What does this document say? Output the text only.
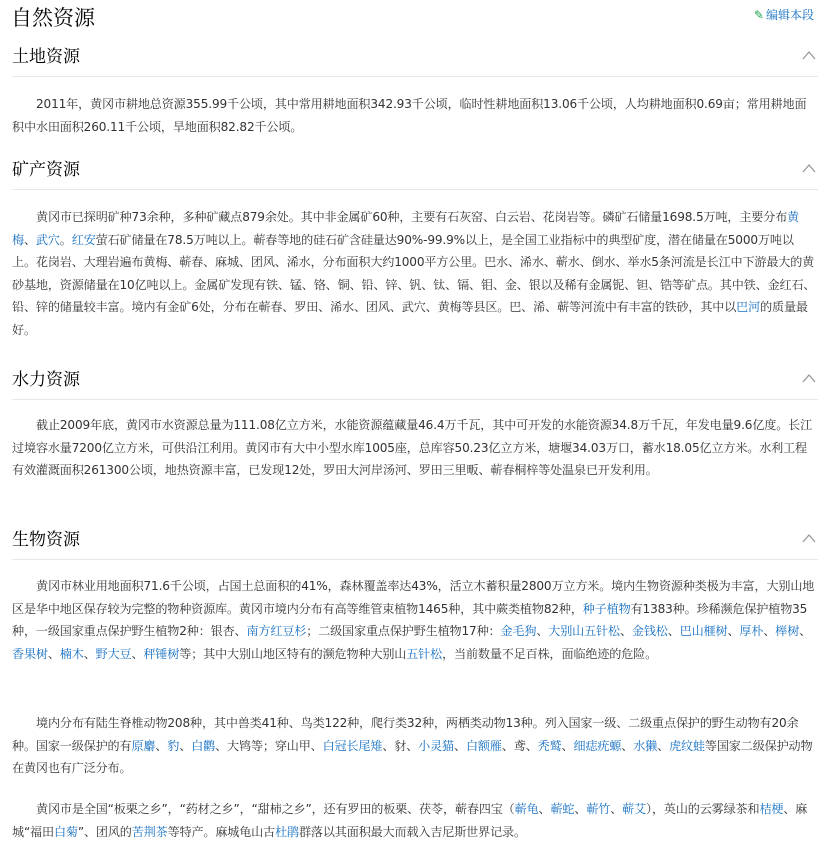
自然资源	✎ 编辑本段
土地资源
2011年，黄冈市耕地总资源355.99千公顷，其中常用耕地面积342.93千公顷，临时性耕地面积13.06千公顷，人均耕地面积0.69亩；常用耕地面积中水田面积260.11千公顷，旱地面积82.82千公顷。
矿产资源
黄冈市已探明矿种73余种，多种矿藏点879余处。其中非金属矿60种，主要有石灰窑、白云岩、花岗岩等。磷矿石储量1698.5万吨，主要分布黄梅、武穴。红安萤石矿储量在78.5万吨以上。蕲春等地的硅石矿含硅量达90%-99.9%以上，是全国工业指标中的典型矿度，潜在储量在5000万吨以上。花岗岩、大理岩遍布黄梅、蕲春、麻城、团风、浠水，分布面积大约1000平方公里。巴水、浠水、蕲水、倒水、举水5条河流是长江中下游最大的黄砂基地，资源储量在10亿吨以上。金属矿发现有铁、锰、铬、铜、铅、锌、钒、钛、镉、钼、金、银以及稀有金属铌、钽、锆等矿点。其中铁、金红石、铅、锌的储量较丰富。境内有金矿6处，分布在蕲春、罗田、浠水、团风、武穴、黄梅等县区。巴、浠、蕲等河流中有丰富的铁砂，其中以巴河的质量最好。
水力资源
截止2009年底，黄冈市水资源总量为111.08亿立方米，水能资源蕴藏量46.4万千瓦，其中可开发的水能资源34.8万千瓦，年发电量9.6亿度。长江过境容水量7200亿立方米，可供沿江利用。黄冈市有大中小型水库1005座，总库容50.23亿立方米，塘堰34.03万口，蓄水18.05亿立方米。水利工程有效灌溉面积261300公顷，地热资源丰富，已发现12处，罗田大河岸汤河、罗田三里畈、蕲春桐梓等处温泉已开发利用。
生物资源
黄冈市林业用地面积71.6千公顷，占国土总面积的41%，森林覆盖率达43%，活立木蓄积量2800万立方米。境内生物资源种类极为丰富，大别山地区是华中地区保存较为完整的物种资源库。黄冈市境内分布有高等维管束植物1465种，其中蕨类植物82种，种子植物有1383种。珍稀濒危保护植物35种，一级国家重点保护野生植物2种：银杏、南方红豆杉；二级国家重点保护野生植物17种：金毛狗、大别山五针松、金钱松、巴山榧树、厚朴、榉树、香果树、楠木、野大豆、秤锤树等；其中大别山地区特有的濒危物种大别山五针松，当前数量不足百株，面临绝迹的危险。
境内分布有陆生脊椎动物208种，其中兽类41种、鸟类122种，爬行类32种，两栖类动物13种。列入国家一级、二级重点保护的野生动物有20余种。国家一级保护的有原麝、豹、白鹳、大鸨等；穿山甲、白冠长尾雉、豺、小灵猫、白额雁、鸢、秃鹫、细痣疣螈、水獭、虎纹蛙等国家二级保护动物在黄冈也有广泛分布。
黄冈市是全国“板栗之乡”，“药材之乡”，“甜柿之乡”，还有罗田的板栗、茯苓，蕲春四宝（蕲龟、蕲蛇、蕲竹、蕲艾），英山的云雾绿茶和桔梗、麻城“福田白菊”、团风的苦荆茶等特产。麻城龟山古杜鹃群落以其面积最大而载入吉尼斯世界记录。
